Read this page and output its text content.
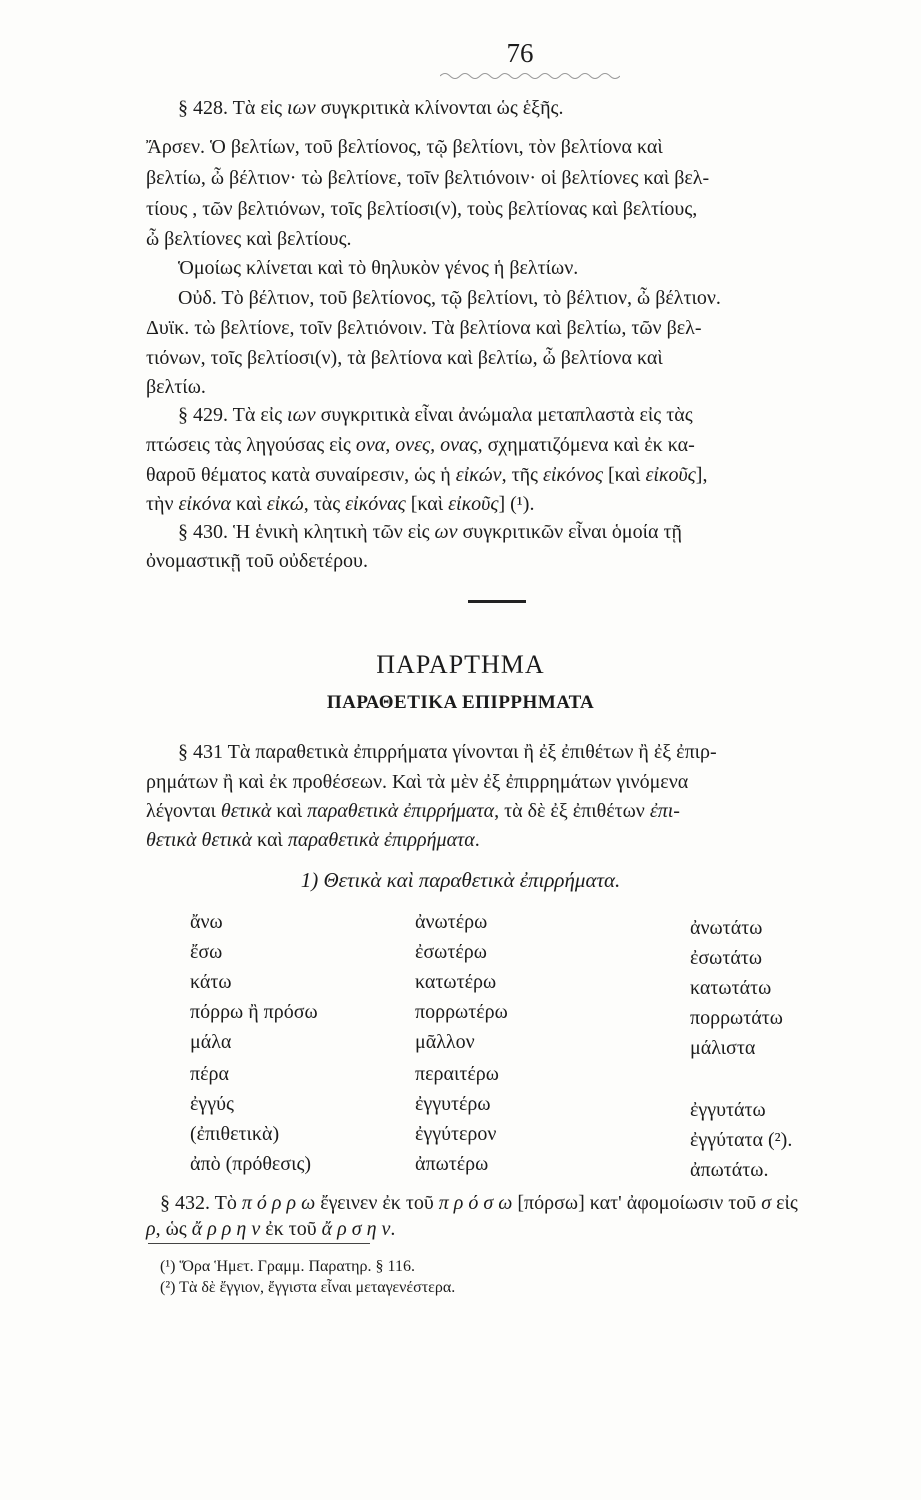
76
§ 428. Τὰ εἰς ιων συγκριτικὰ κλίνονται ὡς ἑξῆς.
Ἄρσεν. Ὁ βελτίων, τοῦ βελτίονος, τῷ βελτίονι, τὸν βελτίονα καὶ
βελτίω, ὦ βέλτιον· τὼ βελτίονε, τοῖν βελτιόνοιν· οἱ βελτίονες καὶ βελ-
τίους , τῶν βελτιόνων, τοῖς βελτίοσι(ν), τοὺς βελτίονας καὶ βελτίους,
ὦ βελτίονες καὶ βελτίους.
Ὁμοίως κλίνεται καὶ τὸ θηλυκὸν γένος ἡ βελτίων.
Οὐδ. Τὸ βέλτιον, τοῦ βελτίονος, τῷ βελτίονι, τὸ βέλτιον, ὦ βέλτιον.
Δυϊκ. τὼ βελτίονε, τοῖν βελτιόνοιν. Τὰ βελτίονα καὶ βελτίω, τῶν βελ-
τιόνων, τοῖς βελτίοσι(ν), τὰ βελτίονα καὶ βελτίω, ὦ βελτίονα καὶ
βελτίω.
§ 429. Τὰ εἰς ιων συγκριτικὰ εἶναι ἀνώμαλα μεταπλαστὰ εἰς τὰς
πτώσεις τὰς ληγούσας εἰς ονα, ονες, ονας, σχηματιζόμενα καὶ ἐκ κα-
θαροῦ θέματος κατὰ συναίρεσιν, ὡς ἡ εἰκών, τῆς εἰκόνος [καὶ εἰκοῦς],
τὴν εἰκόνα καὶ εἰκώ, τὰς εἰκόνας [καὶ εἰκοῦς] (¹).
§ 430. Ἡ ἑνικὴ κλητικὴ τῶν εἰς ων συγκριτικῶν εἶναι ὁμοία τῇ
ὀνομαστικῇ τοῦ οὐδετέρου.
§ 431 Τὰ παραθετικὰ ἐπιρρήματα γίνονται ἢ ἐξ ἐπιθέτων ἢ ἐξ ἐπιρ-
ρημάτων ἢ καὶ ἐκ προθέσεων. Καὶ τὰ μὲν ἐξ ἐπιρρημάτων γινόμενα
λέγονται θετικὰ καὶ παραθετικὰ ἐπιρρήματα, τὰ δὲ ἐξ ἐπιθέτων ἐπι-
θετικὰ θετικὰ καὶ παραθετικὰ ἐπιρρήματα.
§ 432. Τὸ π ό ρ ρ ω ἔγεινεν ἐκ τοῦ π ρ ό σ ω [πόρσω] κατ' ἀφομοίωσιν τοῦ σ εἰς
ρ, ὡς ἄ ρ ρ η ν ἐκ τοῦ ἄ ρ σ η ν.
ΠΑΡΑΡΤΗΜΑ
ΠΑΡΑΘΕΤΙΚΑ ΕΠΙΡΡΗΜΑΤΑ
1) Θετικὰ καὶ παραθετικὰ ἐπιρρήματα.
ἄνω	ἀνωτέρω	ἀνωτάτω
ἔσω	ἐσωτέρω	ἐσωτάτω
κάτω	κατωτέρω	κατωτάτω
πόρρω ἢ πρόσω	πορρωτέρω	πορρωτάτω
μάλα	μᾶλλον	μάλιστα
πέρα	περαιτέρω
ἐγγύς	ἐγγυτέρω	ἐγγυτάτω
(ἐπιθετικὰ)	ἐγγύτερον	ἐγγύτατα (²).
ἀπὸ (πρόθεσις)	ἀπωτέρω	ἀπωτάτω.
(¹) Ὅρα Ἡμετ. Γραμμ. Παρατηρ. § 116.
(²) Τὰ δὲ ἔγγιον, ἔγγιστα εἶναι μεταγενέστερα.
